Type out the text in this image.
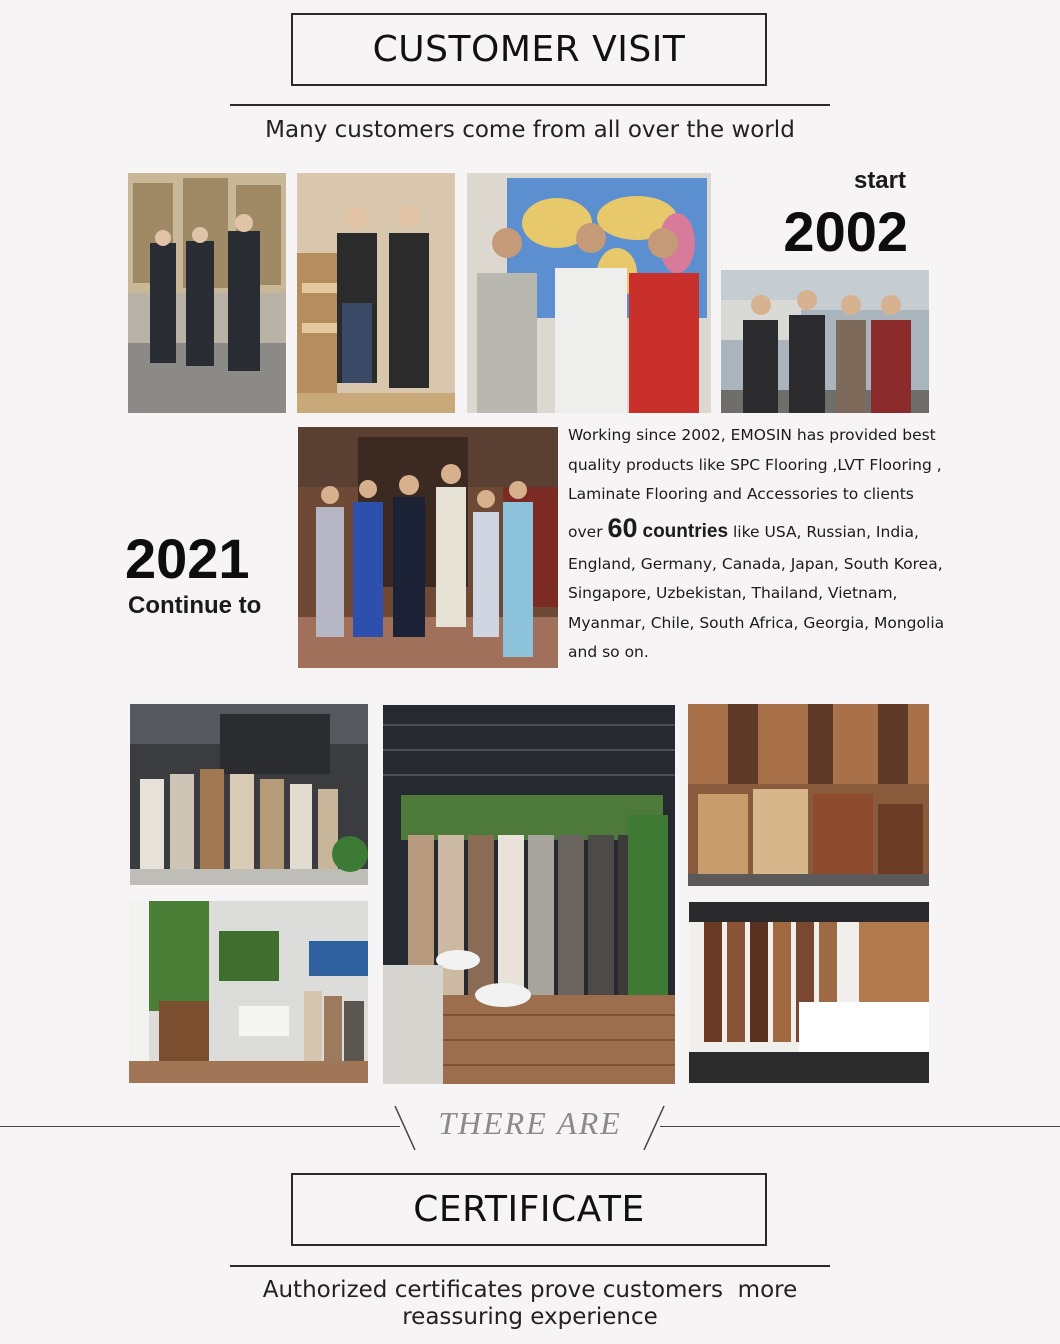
CUSTOMER VISIT
Many customers come from all over the world
start
2002
2021
Continue to
Working since 2002, EMOSIN has provided best
quality products like SPC Flooring ,LVT Flooring ,
Laminate Flooring and Accessories to clients
over 60 countries like USA, Russian, India,
England, Germany, Canada, Japan, South Korea,
Singapore, Uzbekistan, Thailand, Vietnam,
Myanmar, Chile, South Africa, Georgia, Mongolia
and so on.
THERE ARE
CERTIFICATE
Authorized certificates prove customers  more
reassuring experience
